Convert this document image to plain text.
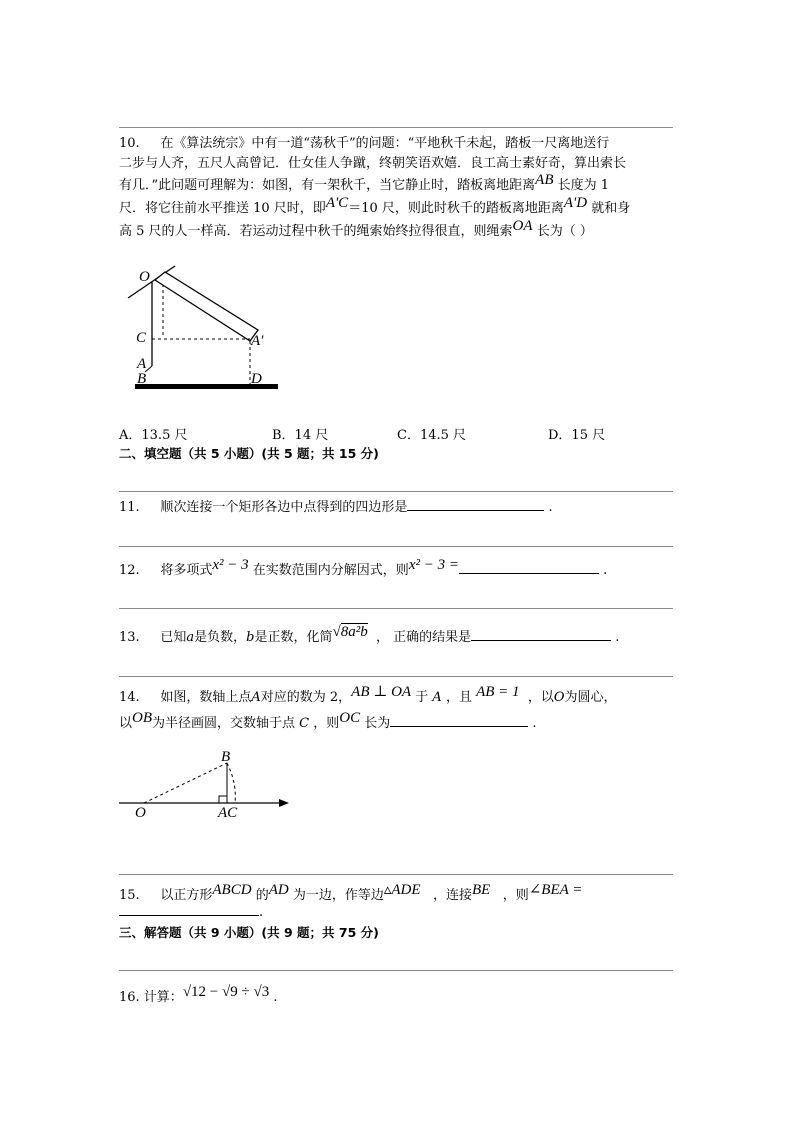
10. 在《算法统宗》中有一道“荡秋千”的问题：“平地秋千未起，踏板一尺离地送行
二步与人齐，五尺人高曾记．仕女佳人争蹴，终朝笑语欢嬉．良工高士素好奇，算出索长
有几．”此问题可理解为：如图，有一架秋千，当它静止时，踏板离地距离AB 长度为 1
尺．将它往前水平推送 10 尺时，即A'C＝10 尺，则此时秋千的踏板离地距离A'D 就和身
高 5 尺的人一样高．若运动过程中秋千的绳索始终拉得很直，则绳索OA 长为（ ）
O
C
A
B	D
A′
A．13.5 尺	B．14 尺	C．14.5 尺	D．15 尺
二、填空题（共 5 小题）(共 5 题；共 15 分)
11. 顺次连接一个矩形各边中点得到的四边形是	.
12. 将多项式x² − 3 在实数范围内分解因式，则x² − 3 =	.
13. 已知a是负数，b是正数，化简√8a²b ， 正确的结果是	.
14. 如图，数轴上点A对应的数为 2，AB ⊥ OA 于 A ，且 AB = 1 ，以O为圆心，
以OB为半径画圆，交数轴于点 C ，则OC 长为	.
B
O	AC
15. 以正方形ABCD 的AD 为一边，作等边▵ADE ，连接BE ，则∠BEA =
.
三、解答题（共 9 小题）(共 9 题；共 75 分)
16. 计算：√12 − √9 ÷ √3 .
